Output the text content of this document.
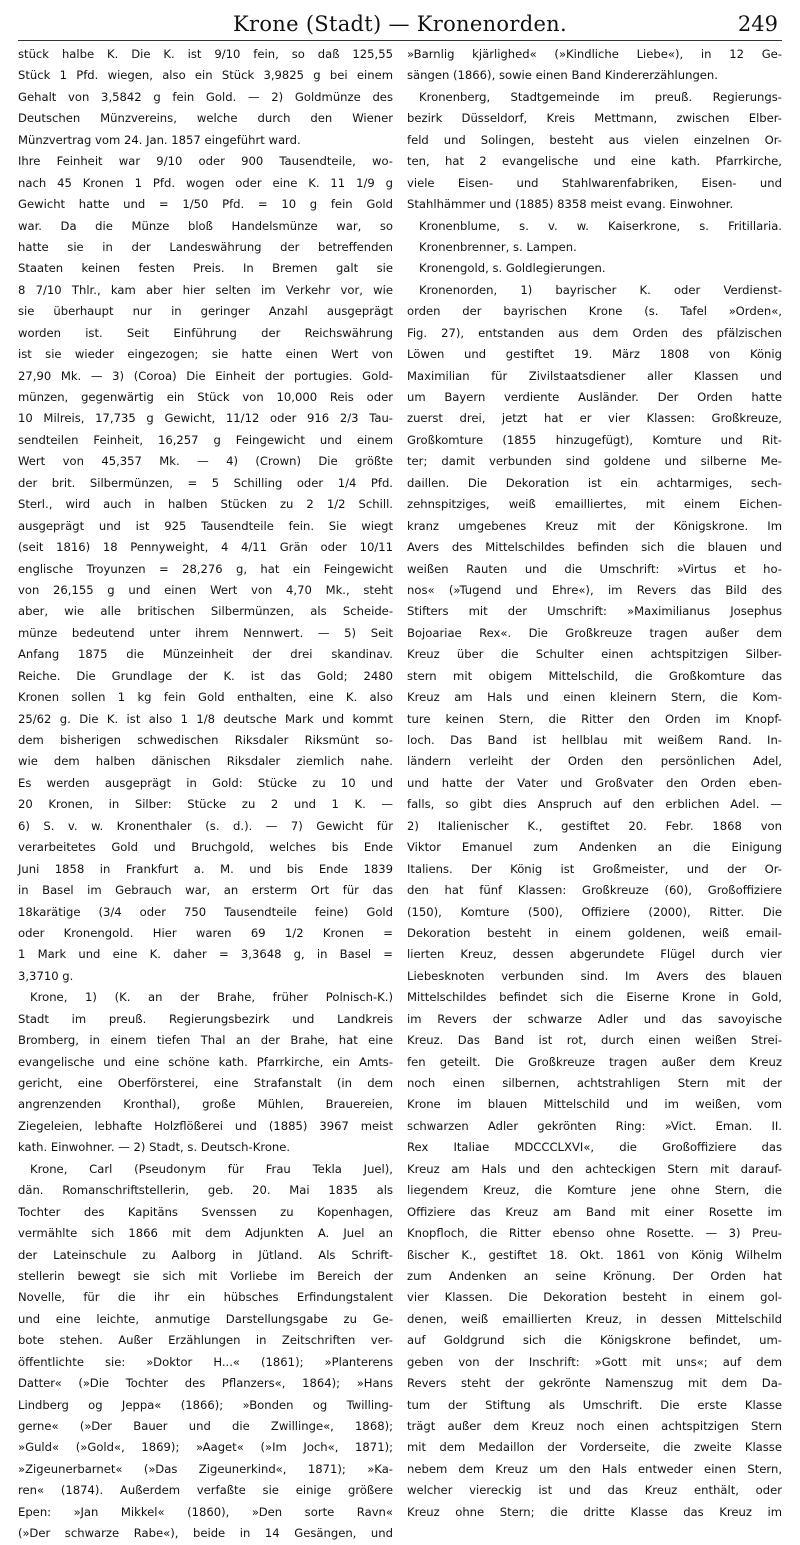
Krone (Stadt) — Kronenorden.	249
stück halbe K. Die K. ist 9/10 fein, so daß 125,55
Stück 1 Pfd. wiegen, also ein Stück 3,9825 g bei einem
Gehalt von 3,5842 g fein Gold. — 2) Goldmünze des
Deutschen Münzvereins, welche durch den Wiener
Münzvertrag vom 24. Jan. 1857 eingeführt ward.
Ihre Feinheit war 9/10 oder 900 Tausendteile, wo-
nach 45 Kronen 1 Pfd. wogen oder eine K. 11 1/9 g
Gewicht hatte und = 1/50 Pfd. = 10 g fein Gold
war. Da die Münze bloß Handelsmünze war, so
hatte sie in der Landeswährung der betreffenden
Staaten keinen festen Preis. In Bremen galt sie
8 7/10 Thlr., kam aber hier selten im Verkehr vor, wie
sie überhaupt nur in geringer Anzahl ausgeprägt
worden ist. Seit Einführung der Reichswährung
ist sie wieder eingezogen; sie hatte einen Wert von
27,90 Mk. — 3) (Coroa) Die Einheit der portugies. Gold-
münzen, gegenwärtig ein Stück von 10,000 Reis oder
10 Milreis, 17,735 g Gewicht, 11/12 oder 916 2/3 Tau-
sendteilen Feinheit, 16,257 g Feingewicht und einem
Wert von 45,357 Mk. — 4) (Crown) Die größte
der brit. Silbermünzen, = 5 Schilling oder 1/4 Pfd.
Sterl., wird auch in halben Stücken zu 2 1/2 Schill.
ausgeprägt und ist 925 Tausendteile fein. Sie wiegt
(seit 1816) 18 Pennyweight, 4 4/11 Grän oder 10/11
englische Troyunzen = 28,276 g, hat ein Feingewicht
von 26,155 g und einen Wert von 4,70 Mk., steht
aber, wie alle britischen Silbermünzen, als Scheide-
münze bedeutend unter ihrem Nennwert. — 5) Seit
Anfang 1875 die Münzeinheit der drei skandinav.
Reiche. Die Grundlage der K. ist das Gold; 2480
Kronen sollen 1 kg fein Gold enthalten, eine K. also
25/62 g. Die K. ist also 1 1/8 deutsche Mark und kommt
dem bisherigen schwedischen Riksdaler Riksmünt so-
wie dem halben dänischen Riksdaler ziemlich nahe.
Es werden ausgeprägt in Gold: Stücke zu 10 und
20 Kronen, in Silber: Stücke zu 2 und 1 K. —
6) S. v. w. Kronenthaler (s. d.). — 7) Gewicht für
verarbeitetes Gold und Bruchgold, welches bis Ende
Juni 1858 in Frankfurt a. M. und bis Ende 1839
in Basel im Gebrauch war, an ersterm Ort für das
18karätige (3/4 oder 750 Tausendteile feine) Gold
oder Kronengold. Hier waren 69 1/2 Kronen =
1 Mark und eine K. daher = 3,3648 g, in Basel =
3,3710 g.
Krone, 1) (K. an der Brahe, früher Polnisch-K.)
Stadt im preuß. Regierungsbezirk und Landkreis
Bromberg, in einem tiefen Thal an der Brahe, hat eine
evangelische und eine schöne kath. Pfarrkirche, ein Amts-
gericht, eine Oberförsterei, eine Strafanstalt (in dem
angrenzenden Kronthal), große Mühlen, Brauereien,
Ziegeleien, lebhafte Holzflößerei und (1885) 3967 meist
kath. Einwohner. — 2) Stadt, s. Deutsch-Krone.
Krone, Carl (Pseudonym für Frau Tekla Juel),
dän. Romanschriftstellerin, geb. 20. Mai 1835 als
Tochter des Kapitäns Svenssen zu Kopenhagen,
vermählte sich 1866 mit dem Adjunkten A. Juel an
der Lateinschule zu Aalborg in Jütland. Als Schrift-
stellerin bewegt sie sich mit Vorliebe im Bereich der
Novelle, für die ihr ein hübsches Erfindungstalent
und eine leichte, anmutige Darstellungsgabe zu Ge-
bote stehen. Außer Erzählungen in Zeitschriften ver-
öffentlichte sie: »Doktor H...« (1861); »Planterens
Datter« (»Die Tochter des Pflanzers«, 1864); »Hans
Lindberg og Jeppa« (1866); »Bonden og Twilling-
gerne« (»Der Bauer und die Zwillinge«, 1868);
»Guld« (»Gold«, 1869); »Aaget« (»Im Joch«, 1871);
»Zigeunerbarnet« (»Das Zigeunerkind«, 1871); »Ka-
ren« (1874). Außerdem verfaßte sie einige größere
Epen: »Jan Mikkel« (1860), »Den sorte Ravn«
(»Der schwarze Rabe«), beide in 14 Gesängen, und
»Barnlig kjärlighed« (»Kindliche Liebe«), in 12 Ge-
sängen (1866), sowie einen Band Kindererzählungen.
Kronenberg, Stadtgemeinde im preuß. Regierungs-
bezirk Düsseldorf, Kreis Mettmann, zwischen Elber-
feld und Solingen, besteht aus vielen einzelnen Or-
ten, hat 2 evangelische und eine kath. Pfarrkirche,
viele Eisen- und Stahlwarenfabriken, Eisen- und
Stahlhämmer und (1885) 8358 meist evang. Einwohner.
Kronenblume, s. v. w. Kaiserkrone, s. Fritillaria.
Kronenbrenner, s. Lampen.
Kronengold, s. Goldlegierungen.
Kronenorden, 1) bayrischer K. oder Verdienst-
orden der bayrischen Krone (s. Tafel »Orden«,
Fig. 27), entstanden aus dem Orden des pfälzischen
Löwen und gestiftet 19. März 1808 von König
Maximilian für Zivilstaatsdiener aller Klassen und
um Bayern verdiente Ausländer. Der Orden hatte
zuerst drei, jetzt hat er vier Klassen: Großkreuze,
Großkomture (1855 hinzugefügt), Komture und Rit-
ter; damit verbunden sind goldene und silberne Me-
daillen. Die Dekoration ist ein achtarmiges, sech-
zehnspitziges, weiß emailliertes, mit einem Eichen-
kranz umgebenes Kreuz mit der Königskrone. Im
Avers des Mittelschildes befinden sich die blauen und
weißen Rauten und die Umschrift: »Virtus et ho-
nos« (»Tugend und Ehre«), im Revers das Bild des
Stifters mit der Umschrift: »Maximilianus Josephus
Bojoariae Rex«. Die Großkreuze tragen außer dem
Kreuz über die Schulter einen achtspitzigen Silber-
stern mit obigem Mittelschild, die Großkomture das
Kreuz am Hals und einen kleinern Stern, die Kom-
ture keinen Stern, die Ritter den Orden im Knopf-
loch. Das Band ist hellblau mit weißem Rand. In-
ländern verleiht der Orden den persönlichen Adel,
und hatte der Vater und Großvater den Orden eben-
falls, so gibt dies Anspruch auf den erblichen Adel. —
2) Italienischer K., gestiftet 20. Febr. 1868 von
Viktor Emanuel zum Andenken an die Einigung
Italiens. Der König ist Großmeister, und der Or-
den hat fünf Klassen: Großkreuze (60), Großoffiziere
(150), Komture (500), Offiziere (2000), Ritter. Die
Dekoration besteht in einem goldenen, weiß email-
lierten Kreuz, dessen abgerundete Flügel durch vier
Liebesknoten verbunden sind. Im Avers des blauen
Mittelschildes befindet sich die Eiserne Krone in Gold,
im Revers der schwarze Adler und das savoyische
Kreuz. Das Band ist rot, durch einen weißen Strei-
fen geteilt. Die Großkreuze tragen außer dem Kreuz
noch einen silbernen, achtstrahligen Stern mit der
Krone im blauen Mittelschild und im weißen, vom
schwarzen Adler gekrönten Ring: »Vict. Eman. II.
Rex Italiae MDCCCLXVI«, die Großoffiziere das
Kreuz am Hals und den achteckigen Stern mit darauf-
liegendem Kreuz, die Komture jene ohne Stern, die
Offiziere das Kreuz am Band mit einer Rosette im
Knopfloch, die Ritter ebenso ohne Rosette. — 3) Preu-
ßischer K., gestiftet 18. Okt. 1861 von König Wilhelm
zum Andenken an seine Krönung. Der Orden hat
vier Klassen. Die Dekoration besteht in einem gol-
denen, weiß emaillierten Kreuz, in dessen Mittelschild
auf Goldgrund sich die Königskrone befindet, um-
geben von der Inschrift: »Gott mit uns«; auf dem
Revers steht der gekrönte Namenszug mit dem Da-
tum der Stiftung als Umschrift. Die erste Klasse
trägt außer dem Kreuz noch einen achtspitzigen Stern
mit dem Medaillon der Vorderseite, die zweite Klasse
nebem dem Kreuz um den Hals entweder einen Stern,
welcher viereckig ist und das Kreuz enthält, oder
Kreuz ohne Stern; die dritte Klasse das Kreuz im
